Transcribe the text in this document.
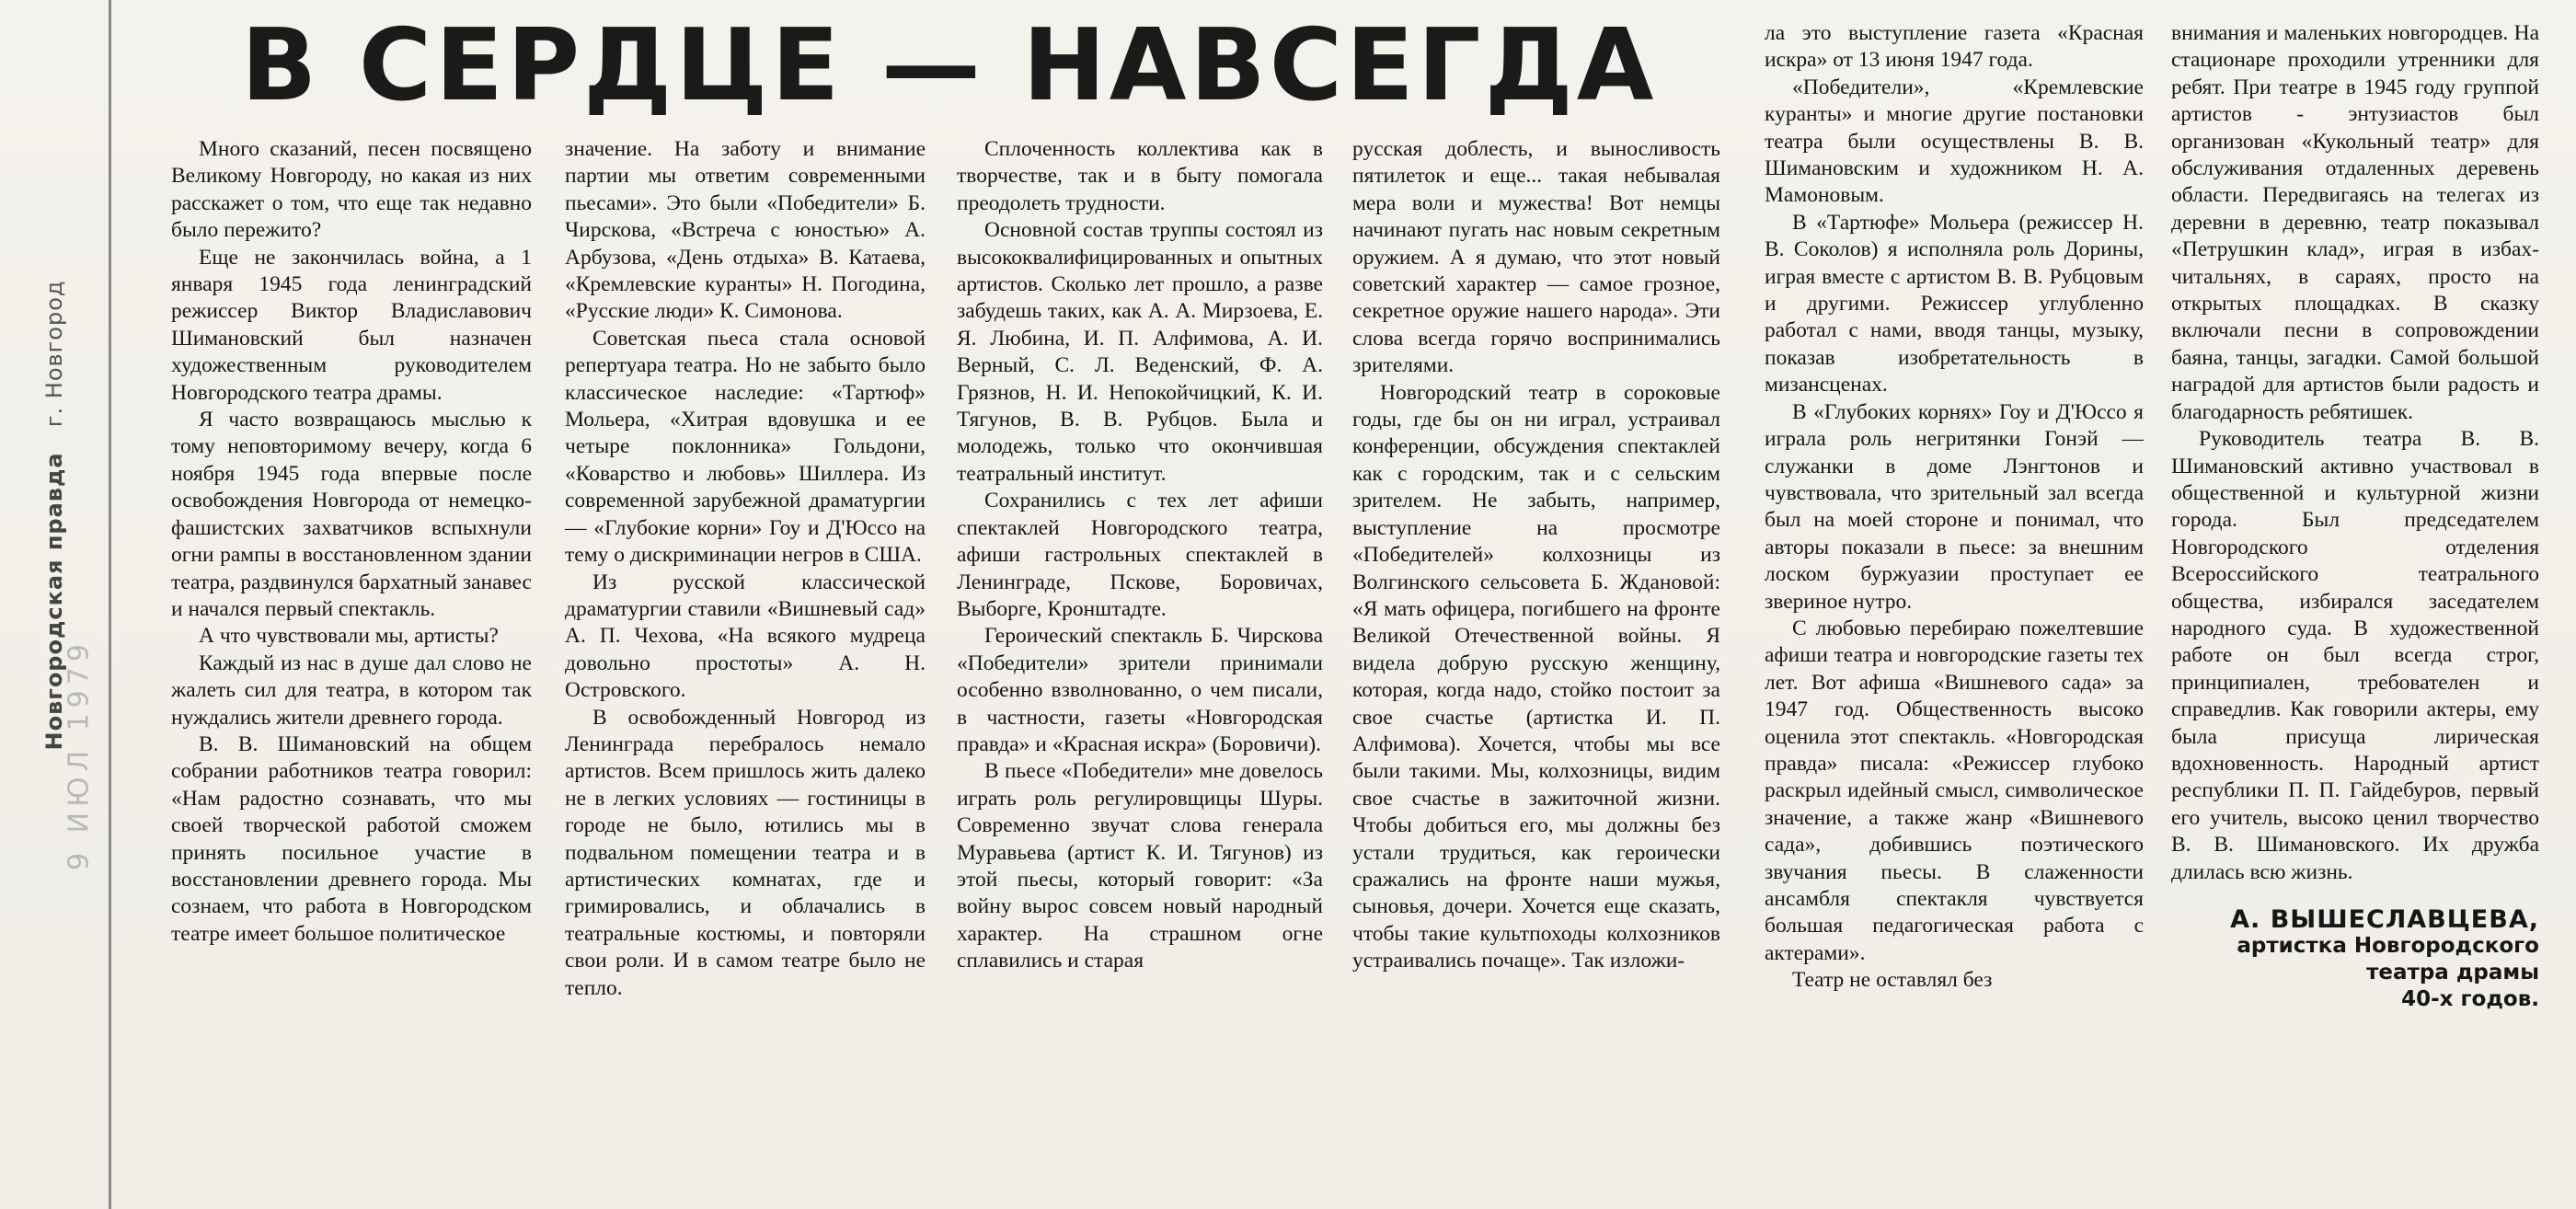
Новгородская правда г. Новгород
9 ИЮЛ 1979
В СЕРДЦЕ — НАВСЕГДА

Много сказаний, песен посвящено Великому Новгороду, но какая из них расскажет о том, что еще так недавно было пережито?

Еще не закончилась война, а 1 января 1945 года ленинградский режиссер Виктор Владиславович Шимановский был назначен художественным руководителем Новгородского театра драмы.

Я часто возвращаюсь мыслью к тому неповторимому вечеру, когда 6 ноября 1945 года впервые после освобождения Новгорода от немецко-фашистских захватчиков вспыхнули огни рампы в восстановленном здании театра, раздвинулся бархатный занавес и начался первый спектакль.

А что чувствовали мы, артисты?

Каждый из нас в душе дал слово не жалеть сил для театра, в котором так нуждались жители древнего города.

В. В. Шимановский на общем собрании работников театра говорил: «Нам радостно сознавать, что мы своей творческой работой сможем принять посильное участие в восстановлении древнего города. Мы сознаем, что работа в Новгородском театре имеет большое политическое

значение. На заботу и внимание партии мы ответим современными пьесами». Это были «Победители» Б. Чирскова, «Встреча с юностью» А. Арбузова, «День отдыха» В. Катаева, «Кремлевские куранты» Н. Погодина, «Русские люди» К. Симонова.

Советская пьеса стала основой репертуара театра. Но не забыто было классическое наследие: «Тартюф» Мольера, «Хитрая вдовушка и ее четыре поклонника» Гольдони, «Коварство и любовь» Шиллера. Из современной зарубежной драматургии — «Глубокие корни» Гоу и Д'Юссо на тему о дискриминации негров в США.

Из русской классической драматургии ставили «Вишневый сад» А. П. Чехова, «На всякого мудреца довольно простоты» А. Н. Островского.

В освобожденный Новгород из Ленинграда перебралось немало артистов. Всем пришлось жить далеко не в легких условиях — гостиницы в городе не было, ютились мы в подвальном помещении театра и в артистических комнатах, где и гримировались, и облачались в театральные костюмы, и повторяли свои роли. И в самом театре было не тепло.

Сплоченность коллектива как в творчестве, так и в быту помогала преодолеть трудности.

Основной состав труппы состоял из высококвалифицированных и опытных артистов. Сколько лет прошло, а разве забудешь таких, как А. А. Мирзоева, Е. Я. Любина, И. П. Алфимова, А. И. Верный, С. Л. Веденский, Ф. А. Грязнов, Н. И. Непокойчицкий, К. И. Тягунов, В. В. Рубцов. Была и молодежь, только что окончившая театральный институт.

Сохранились с тех лет афиши спектаклей Новгородского театра, афиши гастрольных спектаклей в Ленинграде, Пскове, Боровичах, Выборге, Кронштадте.

Героический спектакль Б. Чирскова «Победители» зрители принимали особенно взволнованно, о чем писали, в частности, газеты «Новгородская правда» и «Красная искра» (Боровичи).

В пьесе «Победители» мне довелось играть роль регулировщицы Шуры. Современно звучат слова генерала Муравьева (артист К. И. Тягунов) из этой пьесы, который говорит: «За войну вырос совсем новый народный характер. На страшном огне сплавились и старая

русская доблесть, и выносливость пятилеток и еще... такая небывалая мера воли и мужества! Вот немцы начинают пугать нас новым секретным оружием. А я думаю, что этот новый советский характер — самое грозное, секретное оружие нашего народа». Эти слова всегда горячо воспринимались зрителями.

Новгородский театр в сороковые годы, где бы он ни играл, устраивал конференции, обсуждения спектаклей как с городским, так и с сельским зрителем. Не забыть, например, выступление на просмотре «Победителей» колхозницы из Волгинского сельсовета Б. Ждановой: «Я мать офицера, погибшего на фронте Великой Отечественной войны. Я видела добрую русскую женщину, которая, когда надо, стойко постоит за свое счастье (артистка И. П. Алфимова). Хочется, чтобы мы все были такими. Мы, колхозницы, видим свое счастье в зажиточной жизни. Чтобы добиться его, мы должны без устали трудиться, как героически сражались на фронте наши мужья, сыновья, дочери. Хочется еще сказать, чтобы такие культпоходы колхозников устраивались почаще». Так изложи-

ла это выступление газета «Красная искра» от 13 июня 1947 года.

«Победители», «Кремлевские куранты» и многие другие постановки театра были осуществлены В. В. Шимановским и художником Н. А. Мамоновым.

В «Тартюфе» Мольера (режиссер Н. В. Соколов) я исполняла роль Дорины, играя вместе с артистом В. В. Рубцовым и другими. Режиссер углубленно работал с нами, вводя танцы, музыку, показав изобретательность в мизансценах.

В «Глубоких корнях» Гоу и Д'Юссо я играла роль негритянки Гонэй — служанки в доме Лэнгтонов и чувствовала, что зрительный зал всегда был на моей стороне и понимал, что авторы показали в пьесе: за внешним лоском буржуазии проступает ее звериное нутро.

С любовью перебираю пожелтевшие афиши театра и новгородские газеты тех лет. Вот афиша «Вишневого сада» за 1947 год. Общественность высоко оценила этот спектакль. «Новгородская правда» писала: «Режиссер глубоко раскрыл идейный смысл, символическое значение, а также жанр «Вишневого сада», добившись поэтического звучания пьесы. В слаженности ансамбля спектакля чувствуется большая педагогическая работа с актерами».

Театр не оставлял без

внимания и маленьких новгородцев. На стационаре проходили утренники для ребят. При театре в 1945 году группой артистов - энтузиастов был организован «Кукольный театр» для обслуживания отдаленных деревень области. Передвигаясь на телегах из деревни в деревню, театр показывал «Петрушкин клад», играя в избах-читальнях, в сараях, просто на открытых площадках. В сказку включали песни в сопровождении баяна, танцы, загадки. Самой большой наградой для артистов были радость и благодарность ребятишек.

Руководитель театра В. В. Шимановский активно участвовал в общественной и культурной жизни города. Был председателем Новгородского отделения Всероссийского театрального общества, избирался заседателем народного суда. В художественной работе он был всегда строг, принципиален, требователен и справедлив. Как говорили актеры, ему была присуща лирическая вдохновенность. Народный артист республики П. П. Гайдебуров, первый его учитель, высоко ценил творчество В. В. Шимановского. Их дружба длилась всю жизнь.

А. ВЫШЕСЛАВЦЕВА,
артистка Новгородского
театра драмы
40-х годов.
